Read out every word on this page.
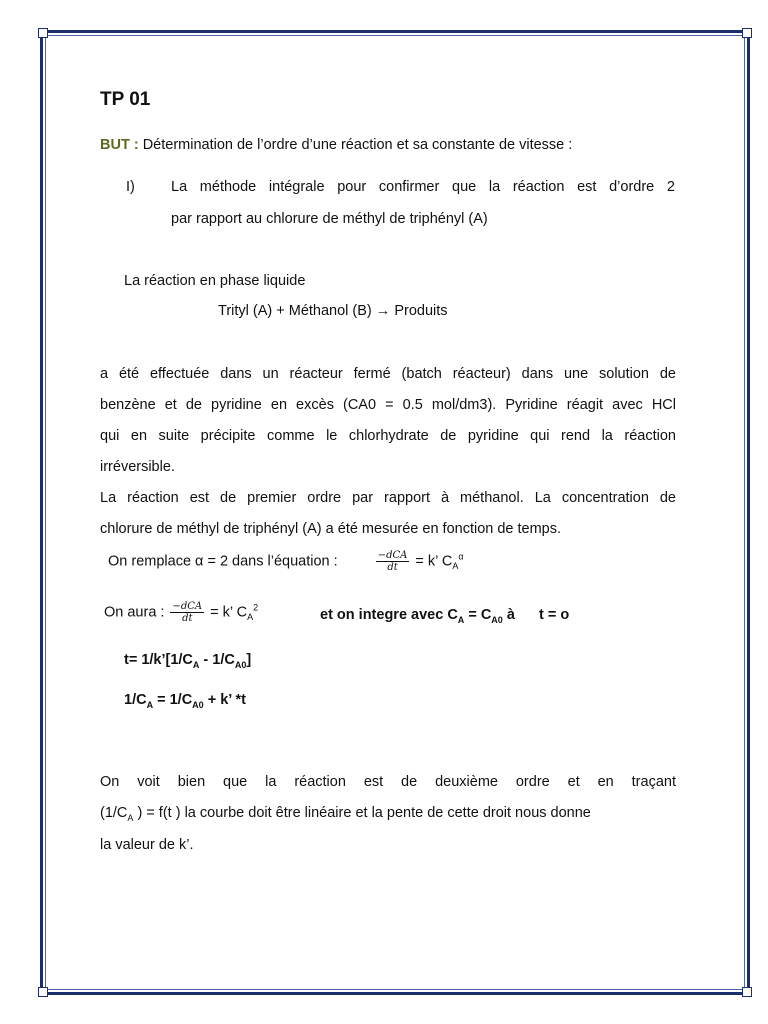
TP 01
BUT : Détermination de l’ordre d’une réaction et sa constante de vitesse :
I) La méthode intégrale pour confirmer que la réaction est d’ordre 2
par rapport au chlorure de méthyl de triphényl (A)
La réaction en phase liquide
Trityl (A) + Méthanol (B) → Produits
a été effectuée dans un réacteur fermé (batch réacteur) dans une solution de
benzène et de pyridine en excès (CA0 = 0.5 mol/dm3). Pyridine réagit avec HCl
qui en suite précipite comme le chlorhydrate de pyridine qui rend la réaction
irréversible.
La réaction est de premier ordre par rapport à méthanol. La concentration de
chlorure de méthyl de triphényl (A) a été mesurée en fonction de temps.
On remplace α = 2 dans l’équation :	$\frac{\text{−dCA}}{dt} = k$’ $C_A^\alpha$
On aura : $\frac{\text{−dCA}}{dt} = k$’ $C_A^2$	et on integre avec $C_A = C_{A0}$ à t = o
$t= 1/k’[1/C_A - 1/C_{A0}]$
$1/C_A = 1/C_{A0} + k$’ *t
On voit bien que la réaction est de deuxième ordre et en traçant
($1/C_A$ ) = f(t ) la courbe doit être linéaire et la pente de cette droit nous donne
la valeur de k’.
